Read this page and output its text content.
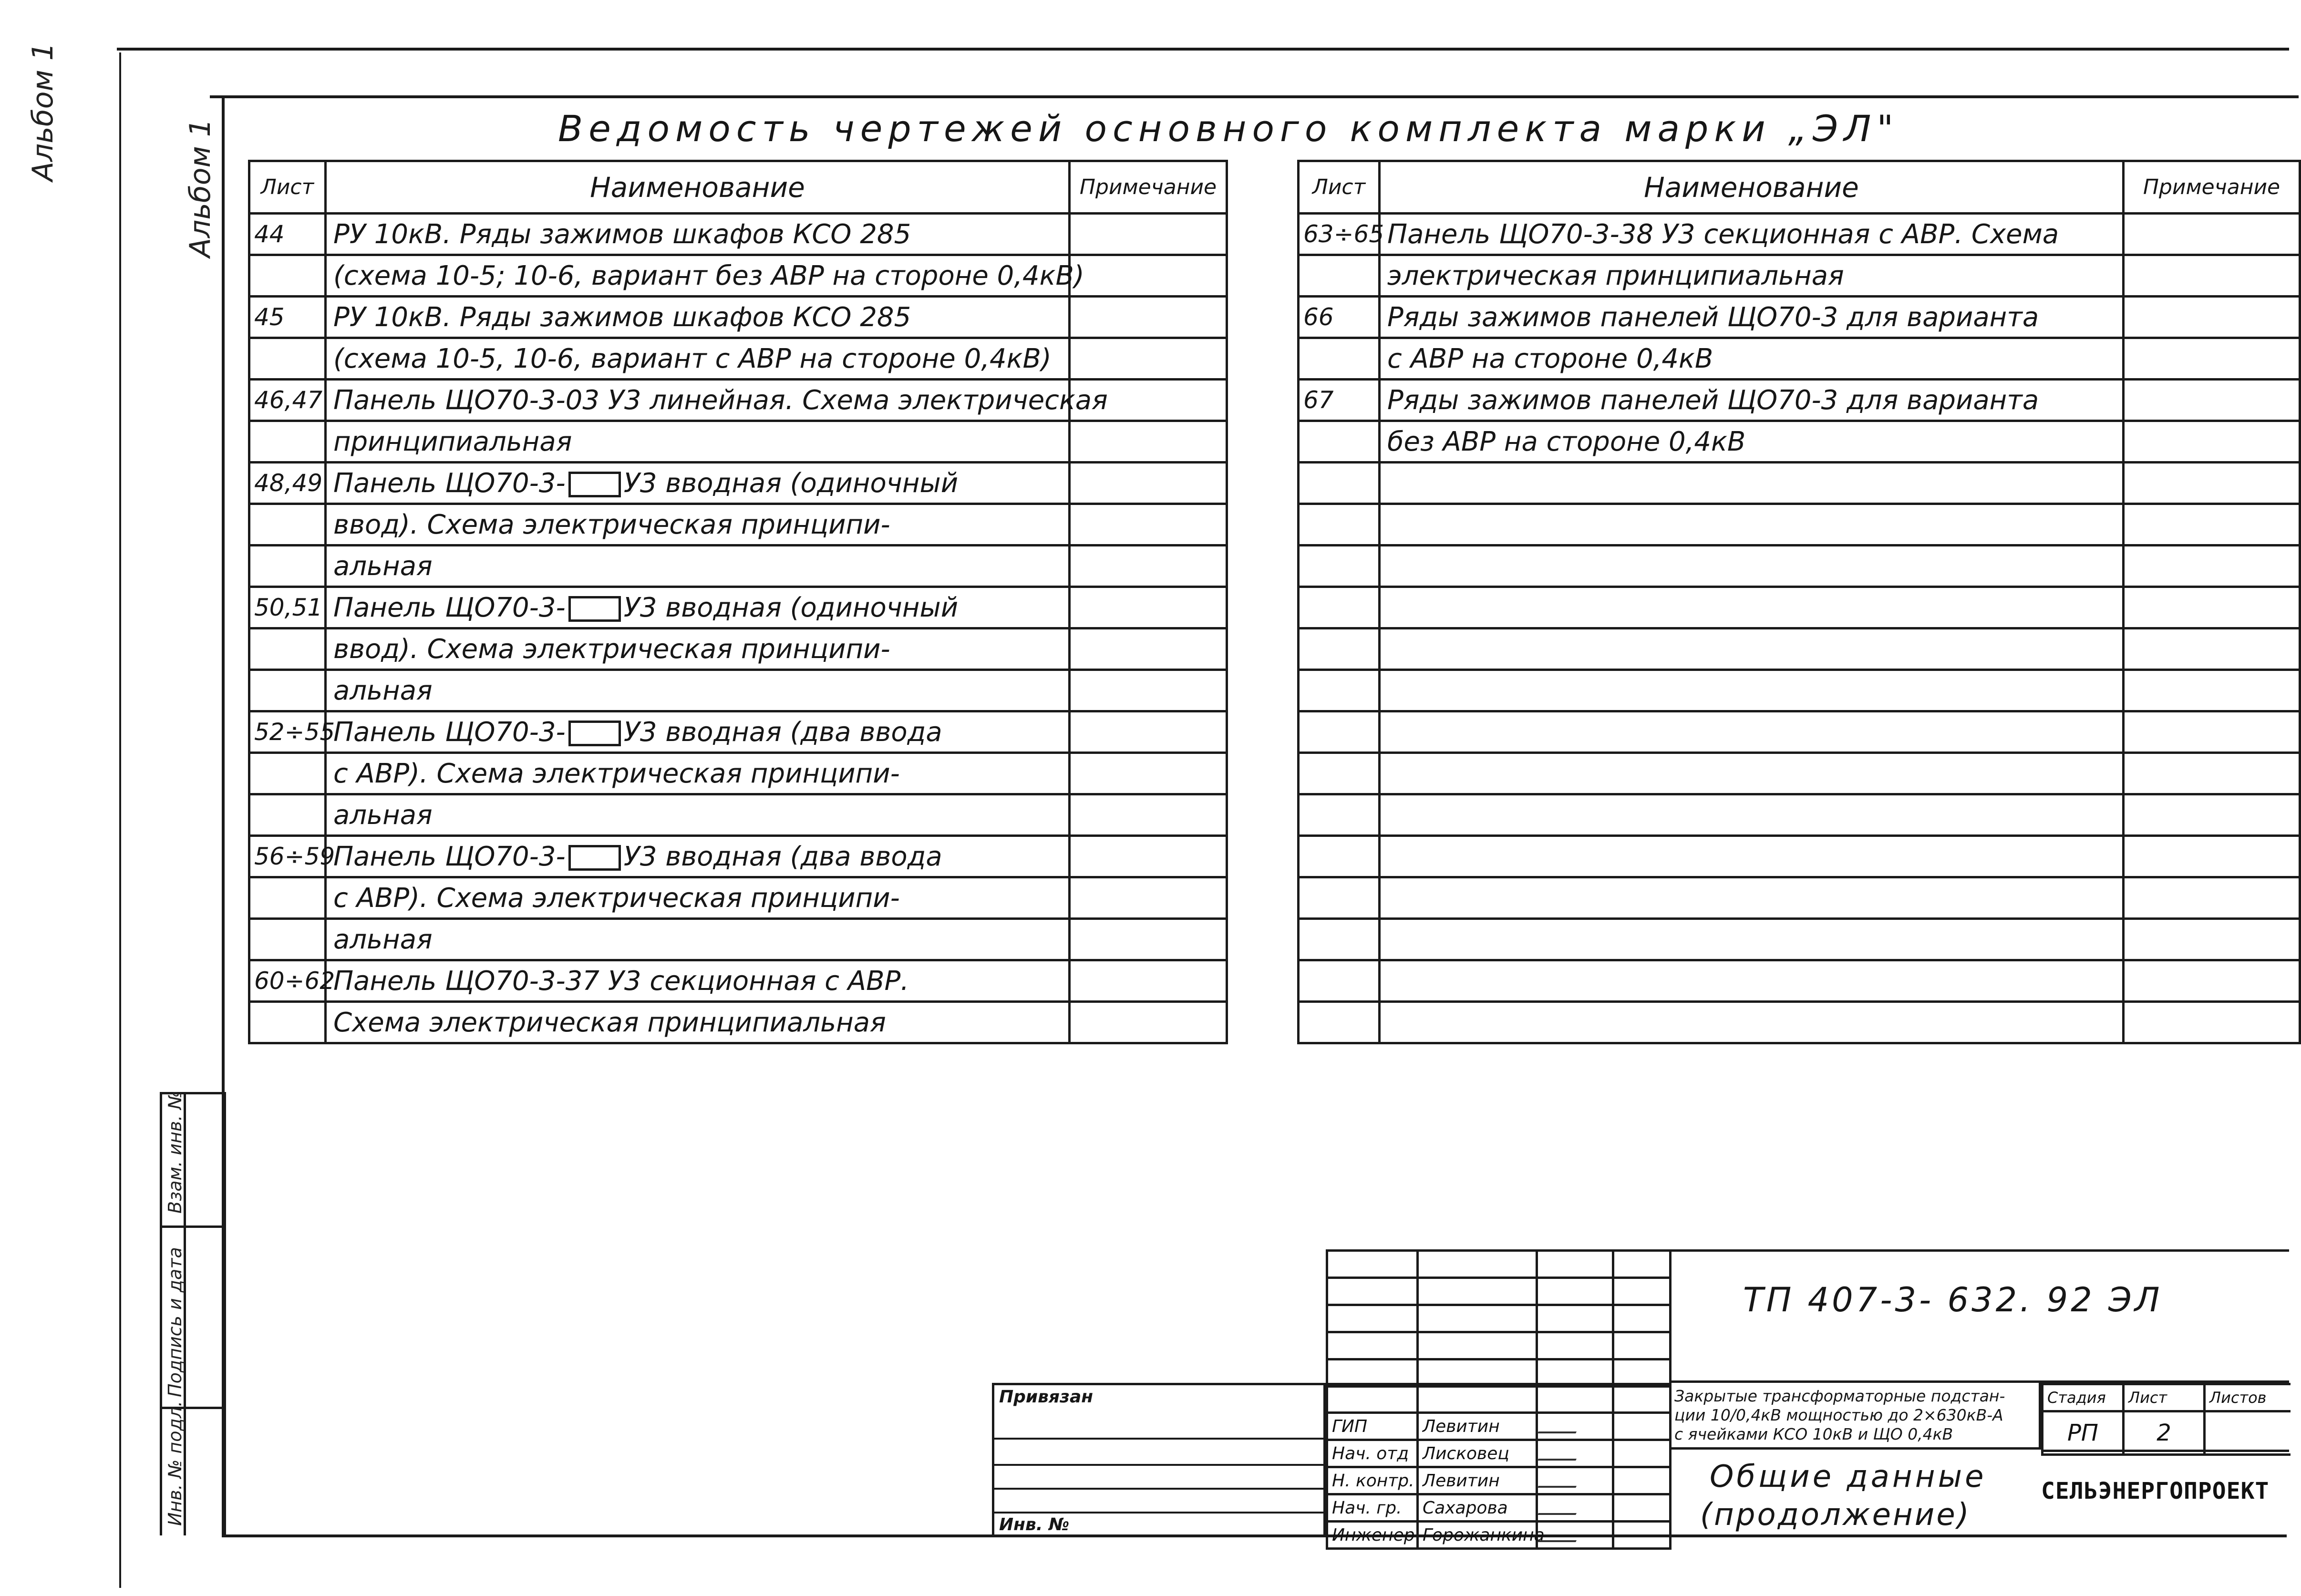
Альбом 1
Альбом 1
Взам. инв. №
Подпись и дата
Инв. № подл.
Ведомость чертежей основного комплекта марки „ЭЛ"
Лист	Наименование	Примечание
44	РУ 10кВ. Ряды зажимов шкафов КСО 285	
	(схема 10-5; 10-6, вариант без АВР на стороне 0,4кВ)	
45	РУ 10кВ. Ряды зажимов шкафов КСО 285	
	(схема 10-5, 10-6, вариант с АВР на стороне 0,4кВ)	
46,47	Панель ЩО70-3-03 У3 линейная. Схема электрическая	
	принципиальная	
48,49	Панель ЩО70-3- У3 вводная (одиночный	
	ввод). Схема электрическая принципи-	
	альная	
50,51	Панель ЩО70-3- У3 вводная (одиночный	
	ввод). Схема электрическая принципи-	
	альная	
52÷55	Панель ЩО70-3- У3 вводная (два ввода	
	с АВР). Схема электрическая принципи-	
	альная	
56÷59	Панель ЩО70-3- У3 вводная (два ввода	
	с АВР). Схема электрическая принципи-	
	альная	
60÷62	Панель ЩО70-3-37 У3 секционная с АВР.	
	Схема электрическая принципиальная	
Лист	Наименование	Примечание
63÷65	Панель ЩО70-3-38 У3 секционная с АВР. Схема	
	электрическая принципиальная	
66	Ряды зажимов панелей ЩО70-3 для варианта	
	с АВР на стороне 0,4кВ	
67	Ряды зажимов панелей ЩО70-3 для варианта	
	без АВР на стороне 0,4кВ	

ТП 407-3- 632. 92 ЭЛ
Привязан
Инв. №

ГИП	Левитин		
Нач. отд	Лисковец		
Н. контр.	Левитин		
Нач. гр.	Сахарова		
Инженер	Горожанкина		
Закрытые трансформаторные подстан-
ции 10/0,4кВ мощностью до 2×630кВ-А
с ячейками КСО 10кВ и ЩО 0,4кВ
Общие данные
(продолжение)
Стадия	Лист	Листов
РП	2	
СЕЛЬЭНЕРГОПРОЕКТ
